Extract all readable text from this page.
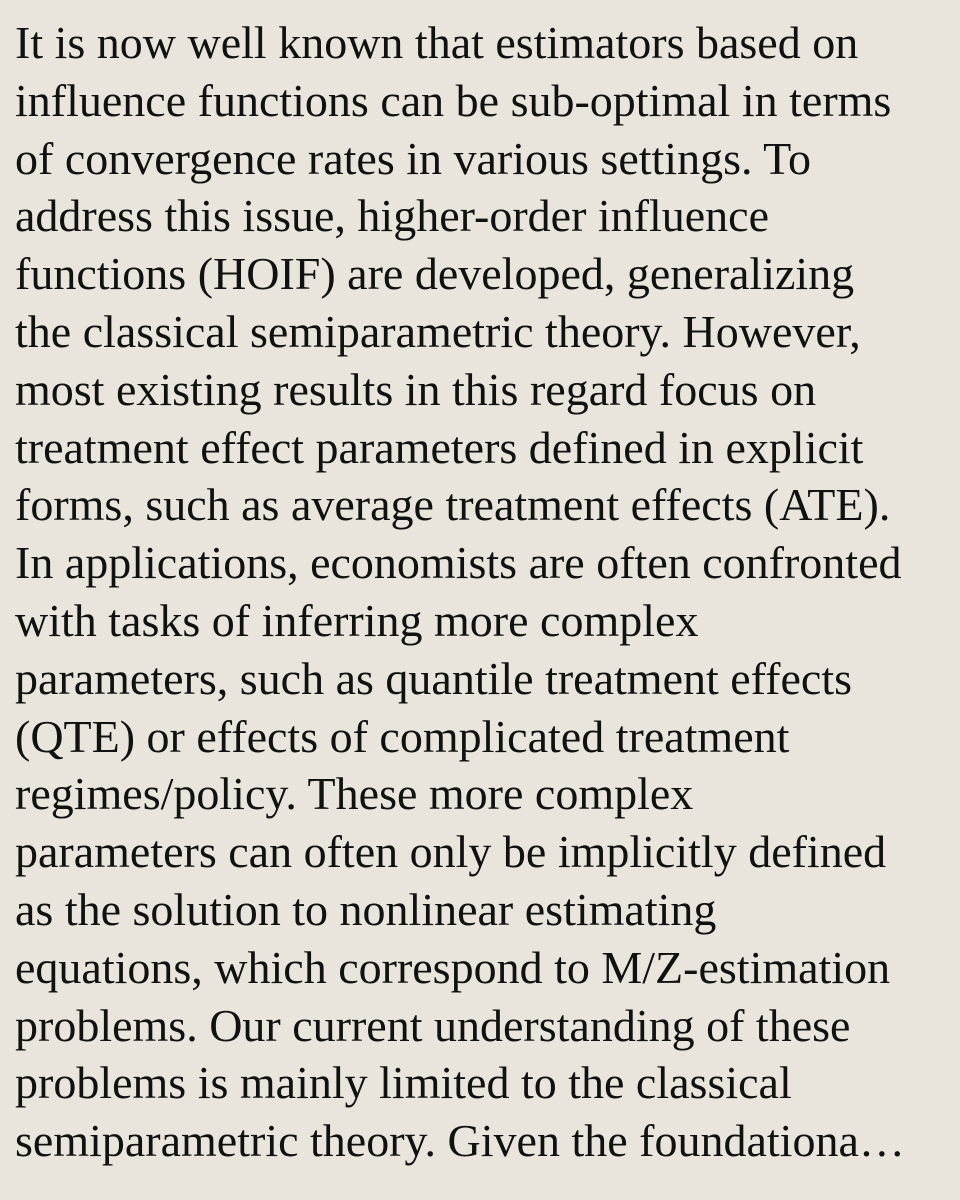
It is now well known that estimators based on
influence functions can be sub-optimal in terms
of convergence rates in various settings. To
address this issue, higher-order influence
functions (HOIF) are developed, generalizing
the classical semiparametric theory. However,
most existing results in this regard focus on
treatment effect parameters defined in explicit
forms, such as average treatment effects (ATE).
In applications, economists are often confronted
with tasks of inferring more complex
parameters, such as quantile treatment effects
(QTE) or effects of complicated treatment
regimes/policy. These more complex
parameters can often only be implicitly defined
as the solution to nonlinear estimating
equations, which correspond to M/Z-estimation
problems. Our current understanding of these
problems is mainly limited to the classical
semiparametric theory. Given the foundationa…
